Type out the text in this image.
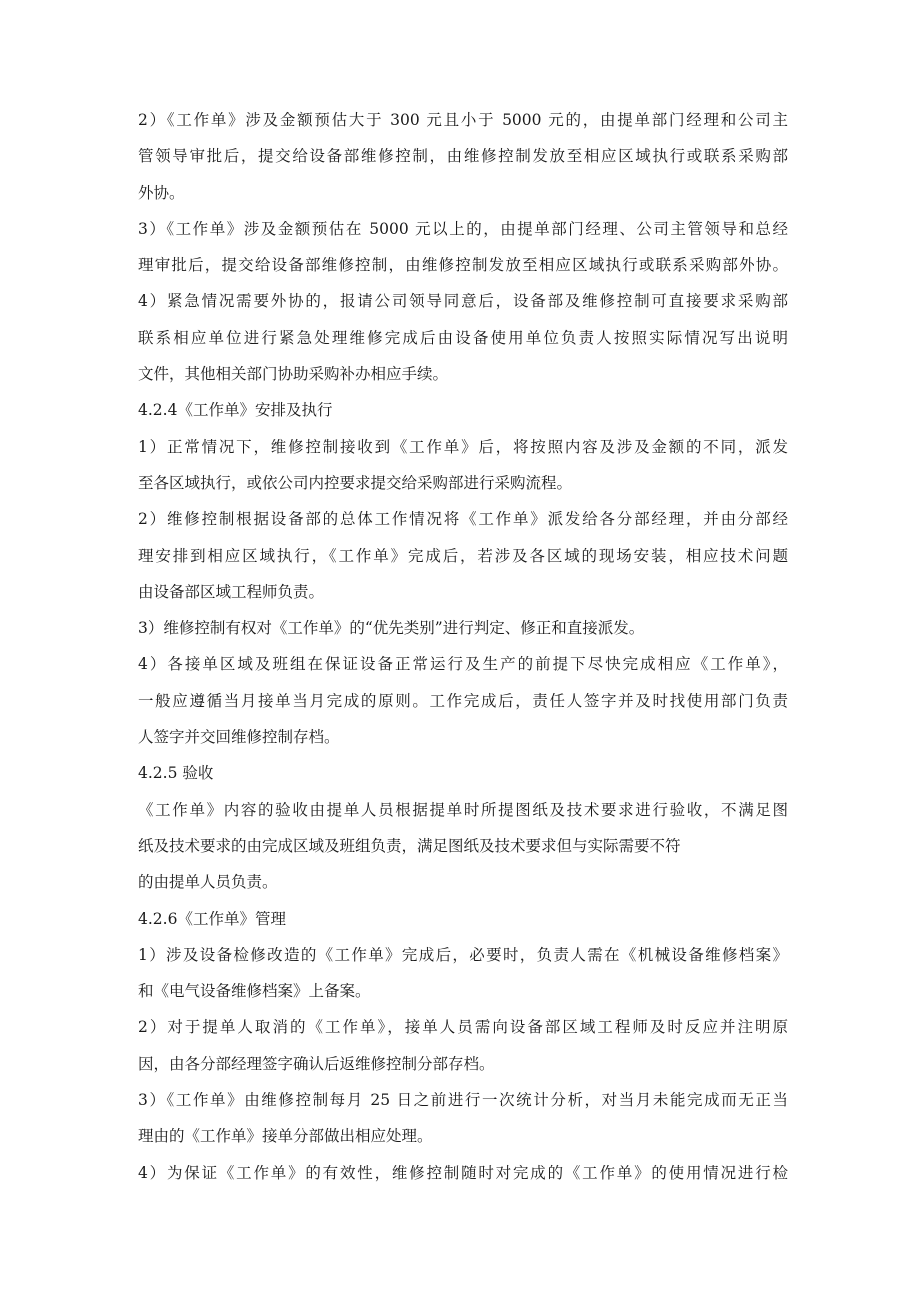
2）《工作单》涉及金额预估大于 300 元且小于 5000 元的，由提单部门经理和公司主
管领导审批后，提交给设备部维修控制，由维修控制发放至相应区域执行或联系采购部
外协。
3）《工作单》涉及金额预估在 5000 元以上的，由提单部门经理、公司主管领导和总经
理审批后，提交给设备部维修控制，由维修控制发放至相应区域执行或联系采购部外协。
4）紧急情况需要外协的，报请公司领导同意后，设备部及维修控制可直接要求采购部
联系相应单位进行紧急处理维修完成后由设备使用单位负责人按照实际情况写出说明
文件，其他相关部门协助采购补办相应手续。
4.2.4《工作单》安排及执行
1）正常情况下，维修控制接收到《工作单》后，将按照内容及涉及金额的不同，派发
至各区域执行，或依公司内控要求提交给采购部进行采购流程。
2）维修控制根据设备部的总体工作情况将《工作单》派发给各分部经理，并由分部经
理安排到相应区域执行，《工作单》完成后，若涉及各区域的现场安装，相应技术问题
由设备部区域工程师负责。
3）维修控制有权对《工作单》的“优先类别”进行判定、修正和直接派发。
4）各接单区域及班组在保证设备正常运行及生产的前提下尽快完成相应《工作单》，
一般应遵循当月接单当月完成的原则。工作完成后，责任人签字并及时找使用部门负责
人签字并交回维修控制存档。
4.2.5 验收
《工作单》内容的验收由提单人员根据提单时所提图纸及技术要求进行验收，不满足图
纸及技术要求的由完成区域及班组负责，满足图纸及技术要求但与实际需要不符
的由提单人员负责。
4.2.6《工作单》管理
1）涉及设备检修改造的《工作单》完成后，必要时，负责人需在《机械设备维修档案》
和《电气设备维修档案》上备案。
2）对于提单人取消的《工作单》，接单人员需向设备部区域工程师及时反应并注明原
因，由各分部经理签字确认后返维修控制分部存档。
3）《工作单》由维修控制每月 25 日之前进行一次统计分析，对当月未能完成而无正当
理由的《工作单》接单分部做出相应处理。
4）为保证《工作单》的有效性，维修控制随时对完成的《工作单》的使用情况进行检
